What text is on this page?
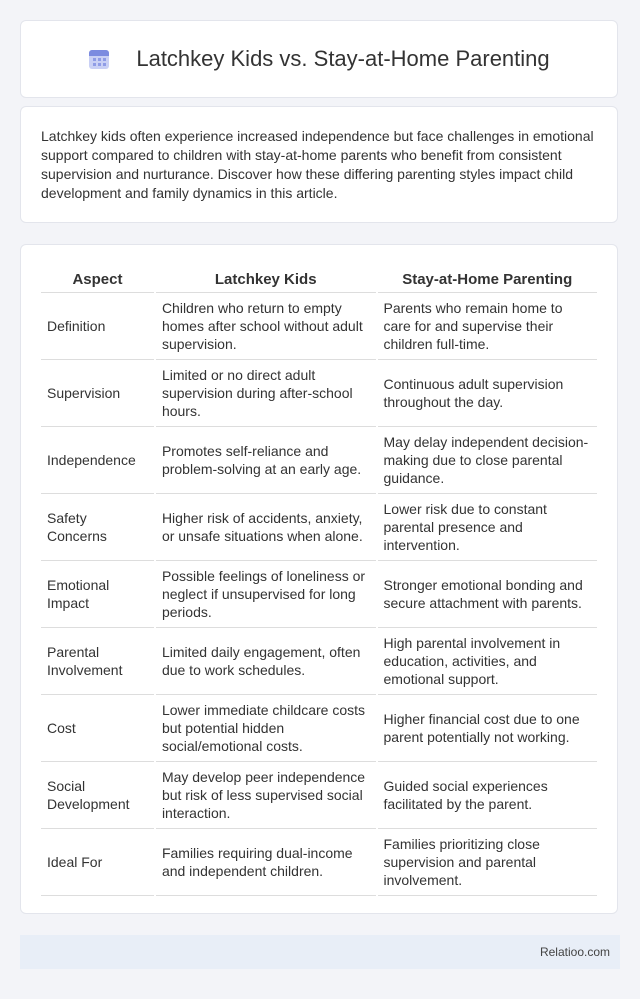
Latchkey Kids vs. Stay-at-Home Parenting

Latchkey kids often experience increased independence but face challenges in emotional support compared to children with stay-at-home parents who benefit from consistent supervision and nurturance. Discover how these differing parenting styles impact child development and family dynamics in this article.

Aspect	Latchkey Kids	Stay-at-Home Parenting
Definition	Children who return to empty homes after school without adult supervision.	Parents who remain home to care for and supervise their children full-time.
Supervision	Limited or no direct adult supervision during after-school hours.	Continuous adult supervision throughout the day.
Independence	Promotes self-reliance and problem-solving at an early age.	May delay independent decision-making due to close parental guidance.
Safety Concerns	Higher risk of accidents, anxiety, or unsafe situations when alone.	Lower risk due to constant parental presence and intervention.
Emotional Impact	Possible feelings of loneliness or neglect if unsupervised for long periods.	Stronger emotional bonding and secure attachment with parents.
Parental Involvement	Limited daily engagement, often due to work schedules.	High parental involvement in education, activities, and emotional support.
Cost	Lower immediate childcare costs but potential hidden social/emotional costs.	Higher financial cost due to one parent potentially not working.
Social Development	May develop peer independence but risk of less supervised social interaction.	Guided social experiences facilitated by the parent.
Ideal For	Families requiring dual-income and independent children.	Families prioritizing close supervision and parental involvement.
Relatioo.com
